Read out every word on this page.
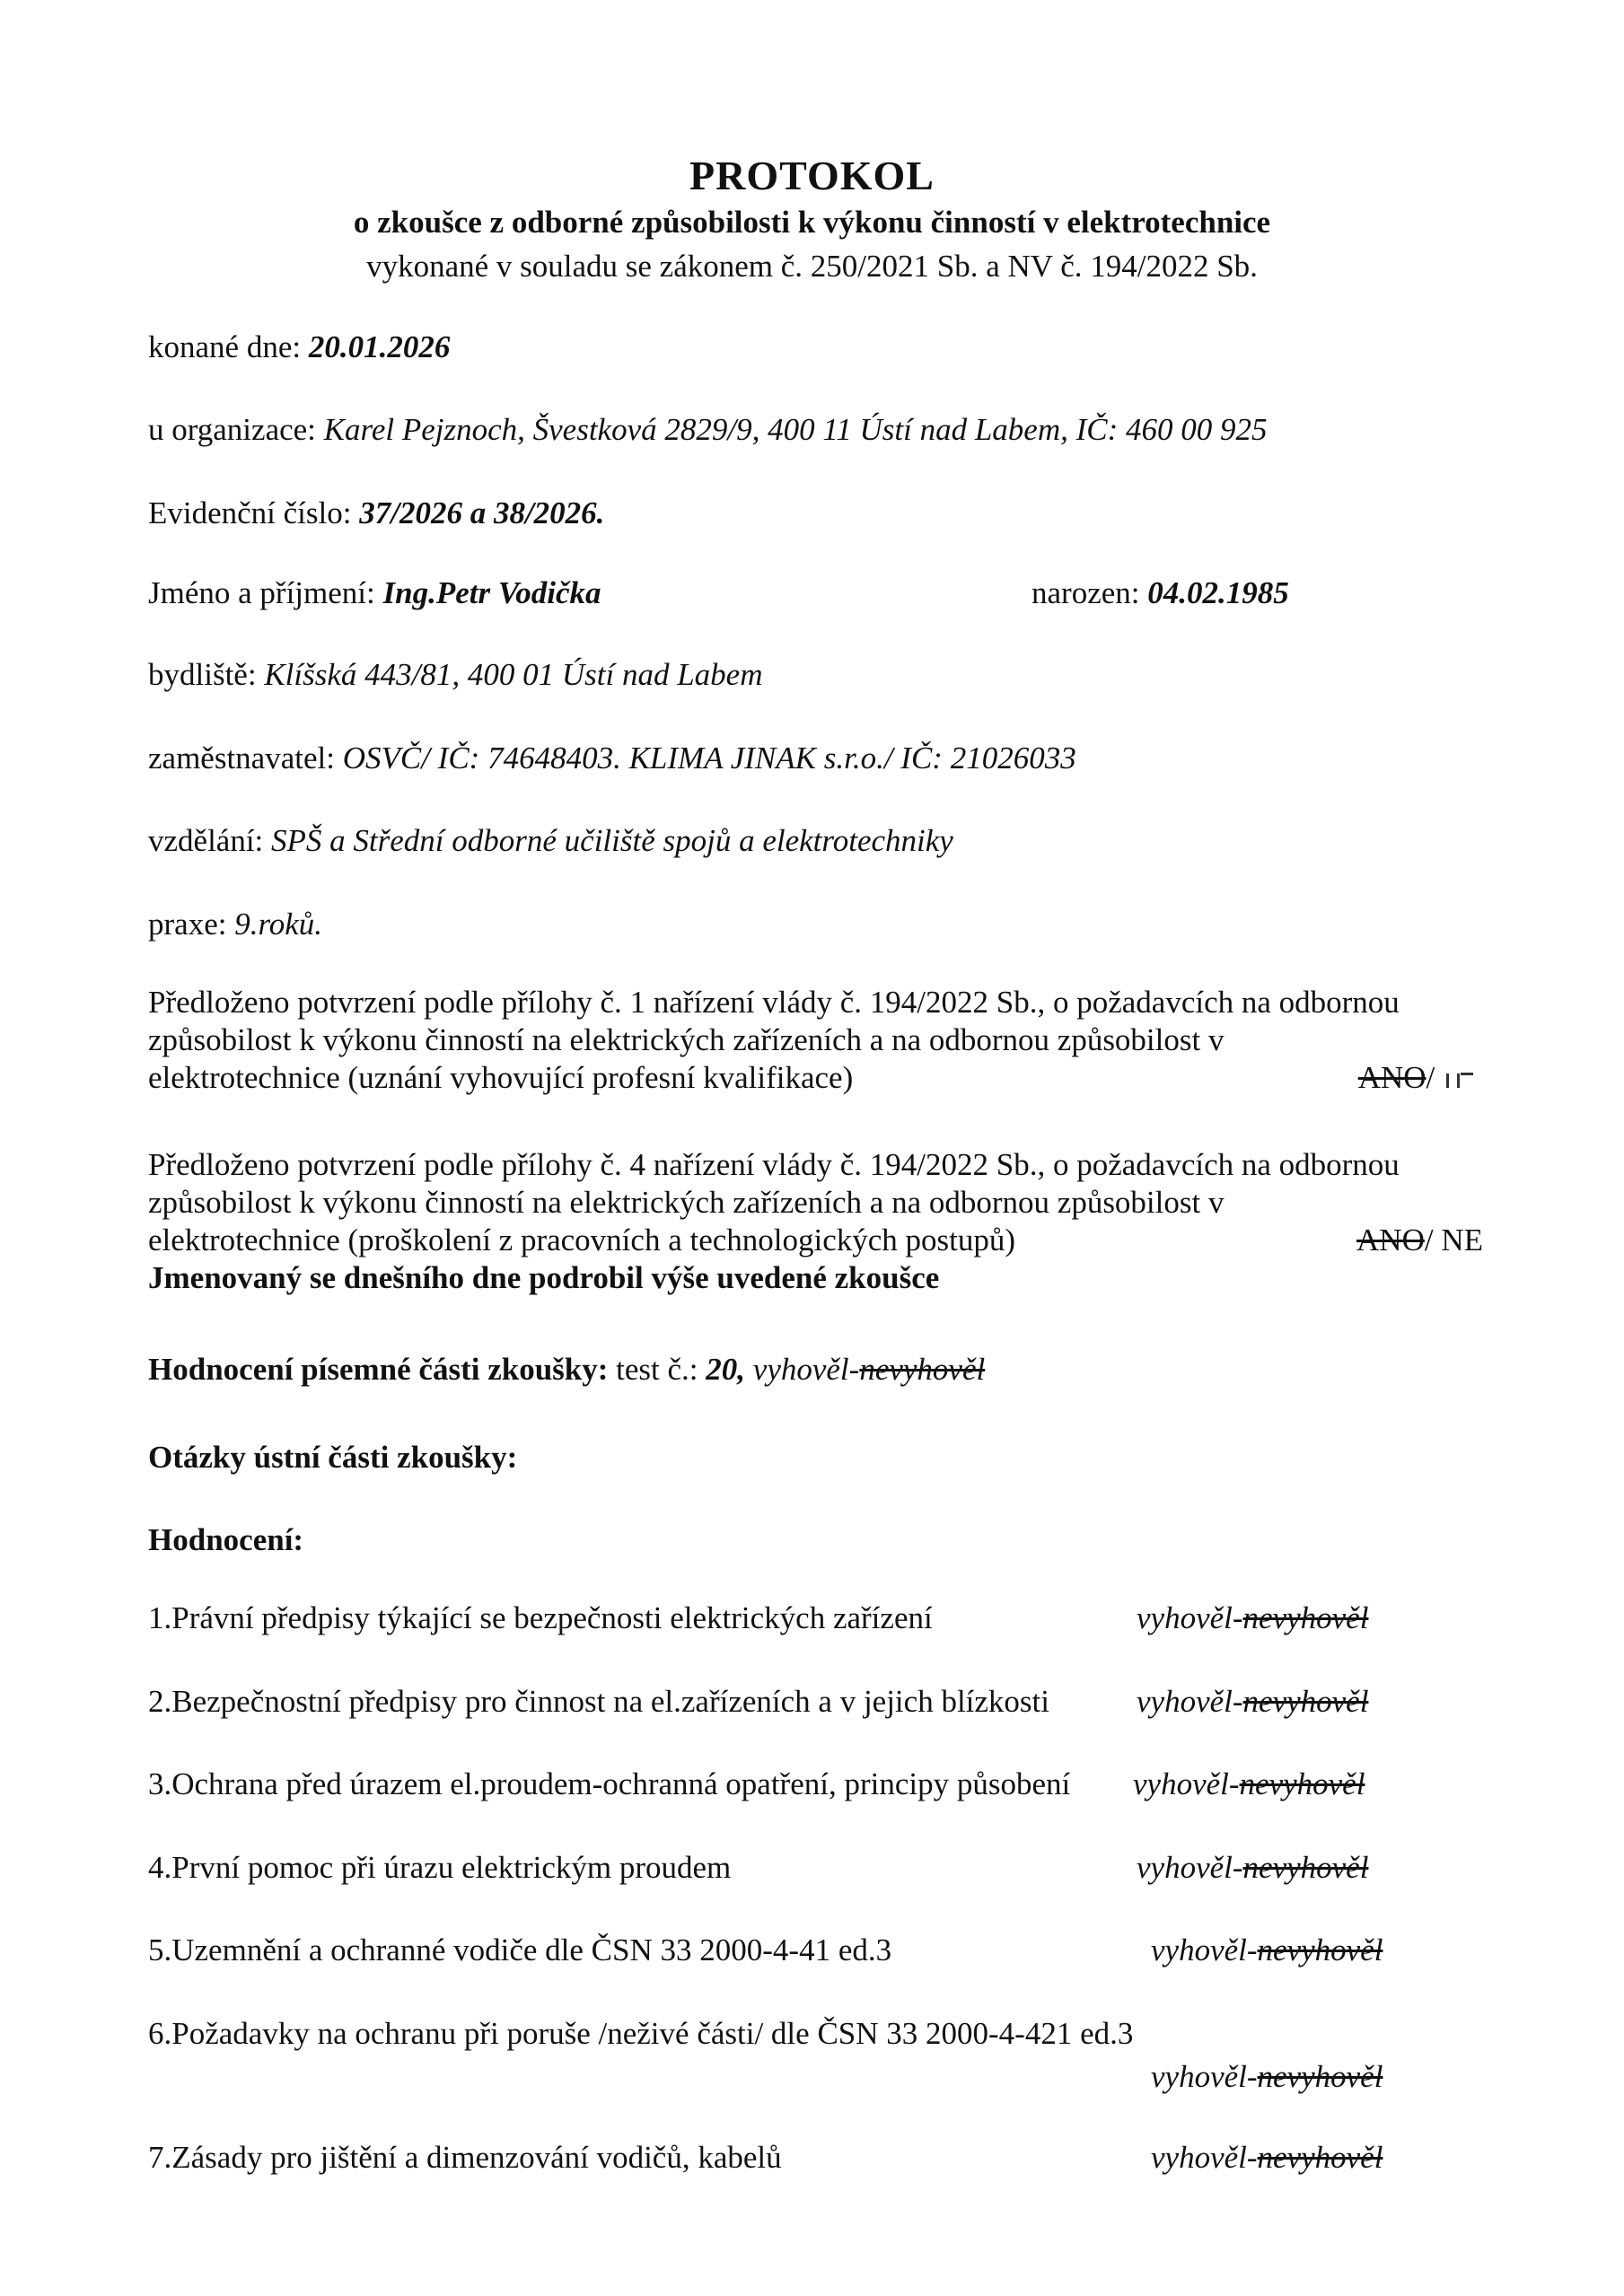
PROTOKOL
o zkoušce z odborné způsobilosti k výkonu činností v elektrotechnice
vykonané v souladu se zákonem č. 250/2021 Sb. a NV č. 194/2022 Sb.
konané dne: 20.01.2026
u organizace: Karel Pejznoch, Švestková 2829/9, 400 11 Ústí nad Labem, IČ: 460 00 925
Evidenční číslo: 37/2026 a 38/2026.
Jméno a příjmení: Ing.Petr Vodička	narozen: 04.02.1985
bydliště: Klíšská 443/81, 400 01 Ústí nad Labem
zaměstnavatel: OSVČ/ IČ: 74648403. KLIMA JINAK s.r.o./ IČ: 21026033
vzdělání: SPŠ a Střední odborné učiliště spojů a elektrotechniky
praxe: 9.roků.
Předloženo potvrzení podle přílohy č. 1 nařízení vlády č. 194/2022 Sb., o požadavcích na odbornou
způsobilost k výkonu činností na elektrických zařízeních a na odbornou způsobilost v
elektrotechnice (uznání vyhovující profesní kvalifikace)	ANO/
Předloženo potvrzení podle přílohy č. 4 nařízení vlády č. 194/2022 Sb., o požadavcích na odbornou
způsobilost k výkonu činností na elektrických zařízeních a na odbornou způsobilost v
elektrotechnice (proškolení z pracovních a technologických postupů)	ANO/ NE
Jmenovaný se dnešního dne podrobil výše uvedené zkoušce
Hodnocení písemné části zkoušky: test č.: 20, vyhověl-nevyhověl
Otázky ústní části zkoušky:
Hodnocení:
1.Právní předpisy týkající se bezpečnosti elektrických zařízení	vyhověl-nevyhověl
2.Bezpečnostní předpisy pro činnost na el.zařízeních a v jejich blízkosti	vyhověl-nevyhověl
3.Ochrana před úrazem el.proudem-ochranná opatření, principy působení vyhověl-nevyhověl
4.První pomoc při úrazu elektrickým proudem	vyhověl-nevyhověl
5.Uzemnění a ochranné vodiče dle ČSN 33 2000-4-41 ed.3	vyhověl-nevyhověl
6.Požadavky na ochranu při poruše /neživé části/ dle ČSN 33 2000-4-421 ed.3
vyhověl-nevyhověl
7.Zásady pro jištění a dimenzování vodičů, kabelů	vyhověl-nevyhověl
